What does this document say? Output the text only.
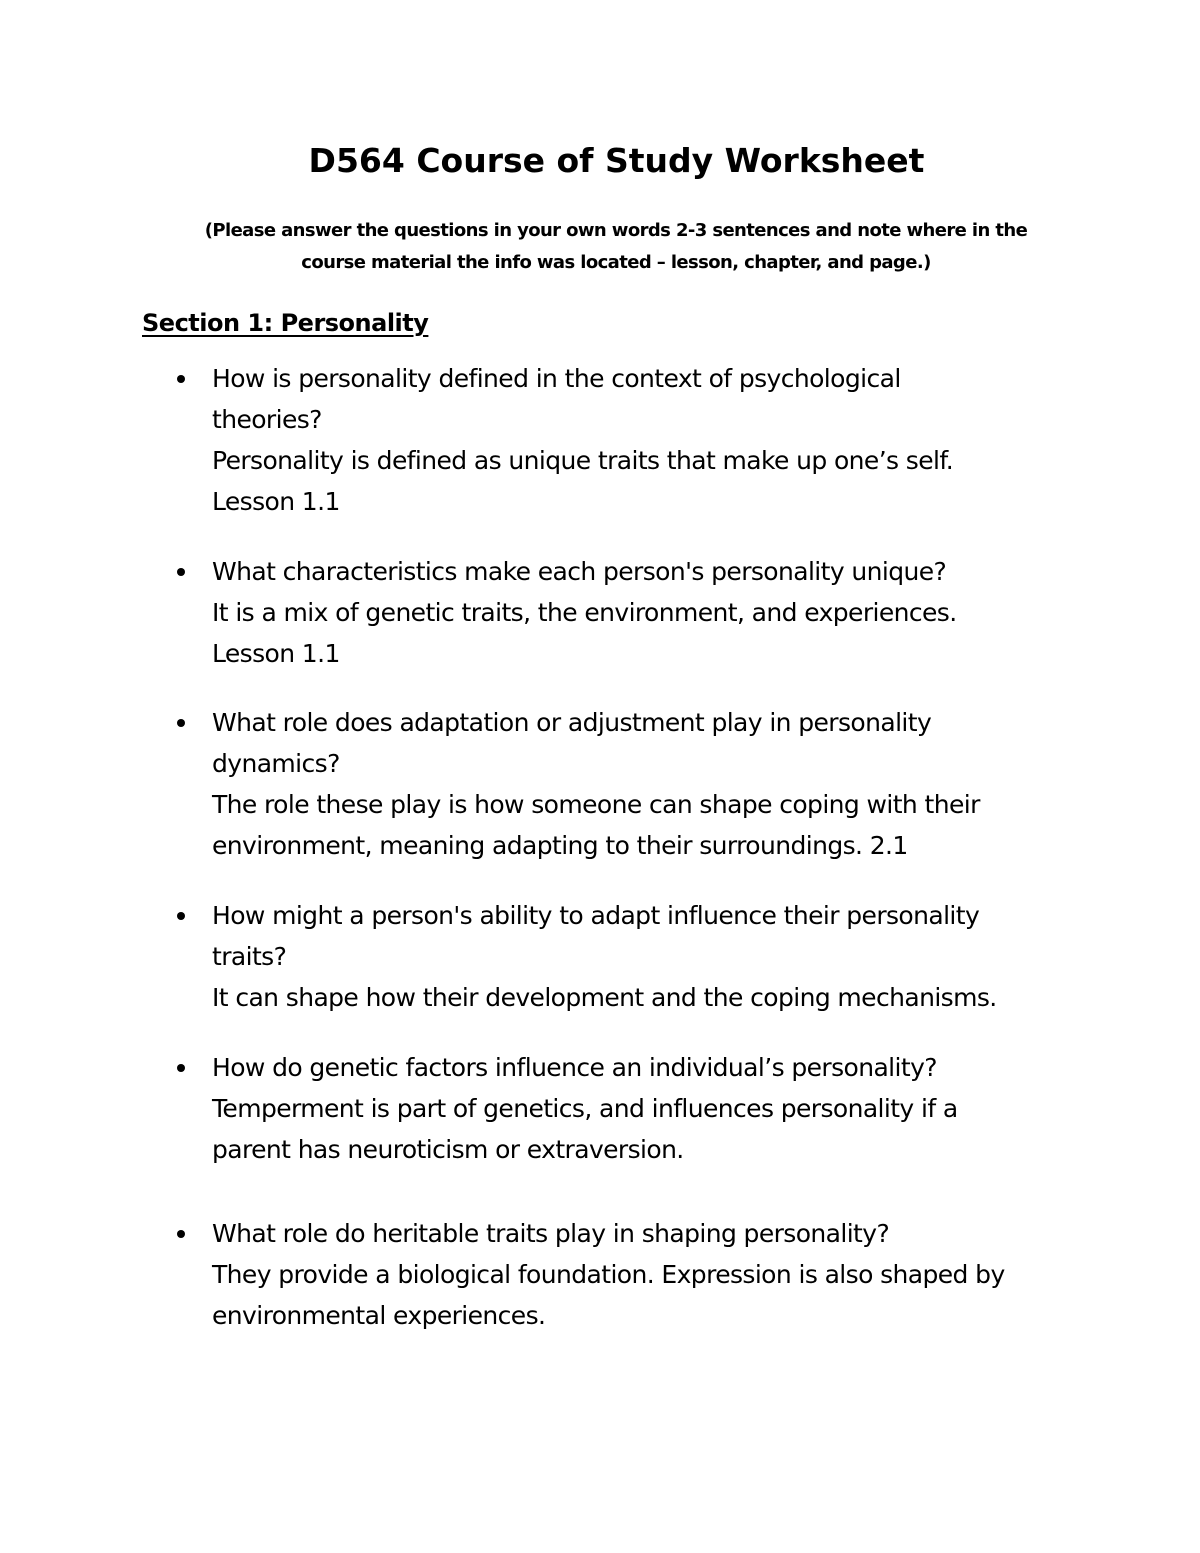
D564 Course of Study Worksheet
(Please answer the questions in your own words 2-3 sentences and note where in the
course material the info was located – lesson, chapter, and page.)
Section 1: Personality
How is personality defined in the context of psychological
theories?
Personality is defined as unique traits that make up one’s self.
Lesson 1.1
What characteristics make each person's personality unique?
It is a mix of genetic traits, the environment, and experiences.
Lesson 1.1
What role does adaptation or adjustment play in personality
dynamics?
The role these play is how someone can shape coping with their
environment, meaning adapting to their surroundings. 2.1
How might a person's ability to adapt influence their personality
traits?
It can shape how their development and the coping mechanisms.
How do genetic factors influence an individual’s personality?
Temperment is part of genetics, and influences personality if a
parent has neuroticism or extraversion.
What role do heritable traits play in shaping personality?
They provide a biological foundation. Expression is also shaped by
environmental experiences.
